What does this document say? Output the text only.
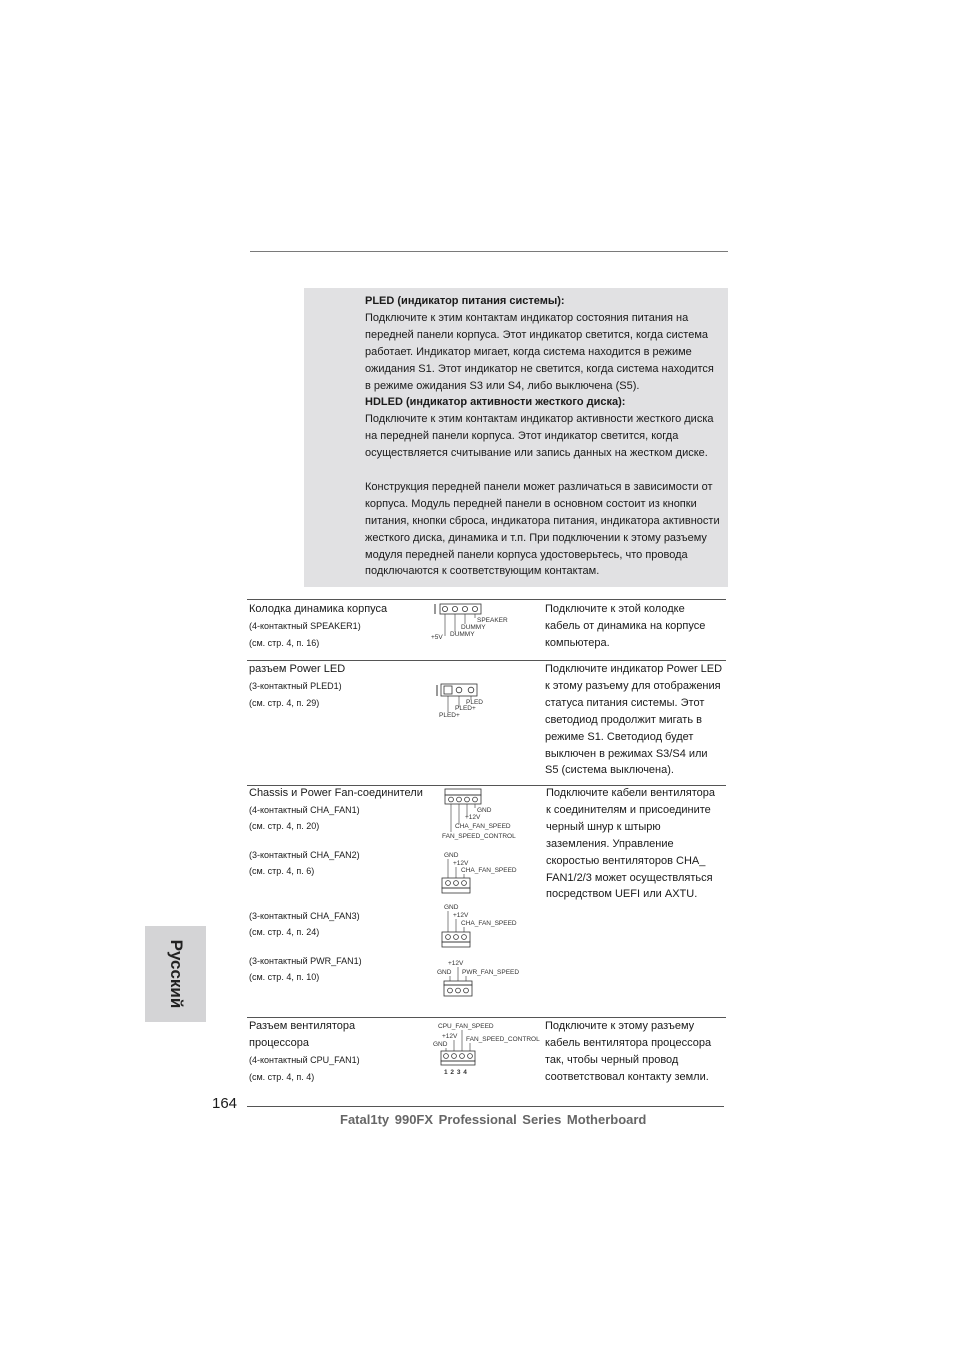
PLED (индикатор питания системы):
Подключите к этим контактам индикатор состояния питания на
передней панели корпуса. Этот индикатор светится, когда система
работает. Индикатор мигает, когда система находится в режиме
ожидания S1. Этот индикатор не светится, когда система находится
в режиме ожидания S3 или S4, либо выключена (S5).
HDLED (индикатор активности жесткого диска):
Подключите к этим контактам индикатор активности жесткого диска
на передней панели корпуса. Этот индикатор светится, когда
осуществляется считывание или запись данных на жестком диске.
Конструкция передней панели может различаться в зависимости от
корпуса. Модуль передней панели в основном состоит из кнопки
питания, кнопки сброса, индикатора питания, индикатора активности
жесткого диска, динамика и т.п. При подключении к этому разъему
модуля передней панели корпуса удостоверьтесь, что провода
подключаются к соответствующим контактам.
Колодка динамика корпуса
(4-контактный SPEAKER1)
(см. стр. 4, п. 16)
SPEAKER
DUMMY
DUMMY
+5V
Подключите к этой колодке
кабель от динамика на корпусе
компьютера.
разъем Power LED
(3-контактный PLED1)
(см. стр. 4, п. 29)	PLED
PLED+
PLED+
Подключите индикатор Power LED
к этому разъему для отображения
статуса питания системы. Этот
светодиод продолжит мигать в
режиме S1. Светодиод будет
выключен в режимах S3/S4 или
S5 (система выключена).
Chassis и Power Fan-соединители
(4-контактный CHA_FAN1)
(см. стр. 4, п. 20)
(3-контактный CHA_FAN2)
(см. стр. 4, п. 6)
(3-контактный CHA_FAN3)
(см. стр. 4, п. 24)
(3-контактный PWR_FAN1)
(см. стр. 4, п. 10)
GND
+12V
CHA_FAN_SPEED
FAN_SPEED_CONTROL
GND
+12V
CHA_FAN_SPEED
GND
+12V
CHA_FAN_SPEED
+12V
GND PWR_FAN_SPEED
Подключите кабели вентилятора
к соединителям и присоедините
черный шнур к штырю
заземления. Управление
скоростью вентиляторов CHA_
FAN1/2/3 может осуществляться
посредством UEFI или AXTU.
Разъем вентилятора
процессора
(4-контактный CPU_FAN1)
(см. стр. 4, п. 4)
CPU_FAN_SPEED
+12V
GND
FAN_SPEED_CONTROL
1 2 3 4
Подключите к этому разъему
кабель вентилятора процессора
так, чтобы черный провод
соответствовал контакту земли.
Русский
164
Fatal1ty 990FX Professional Series Motherboard
